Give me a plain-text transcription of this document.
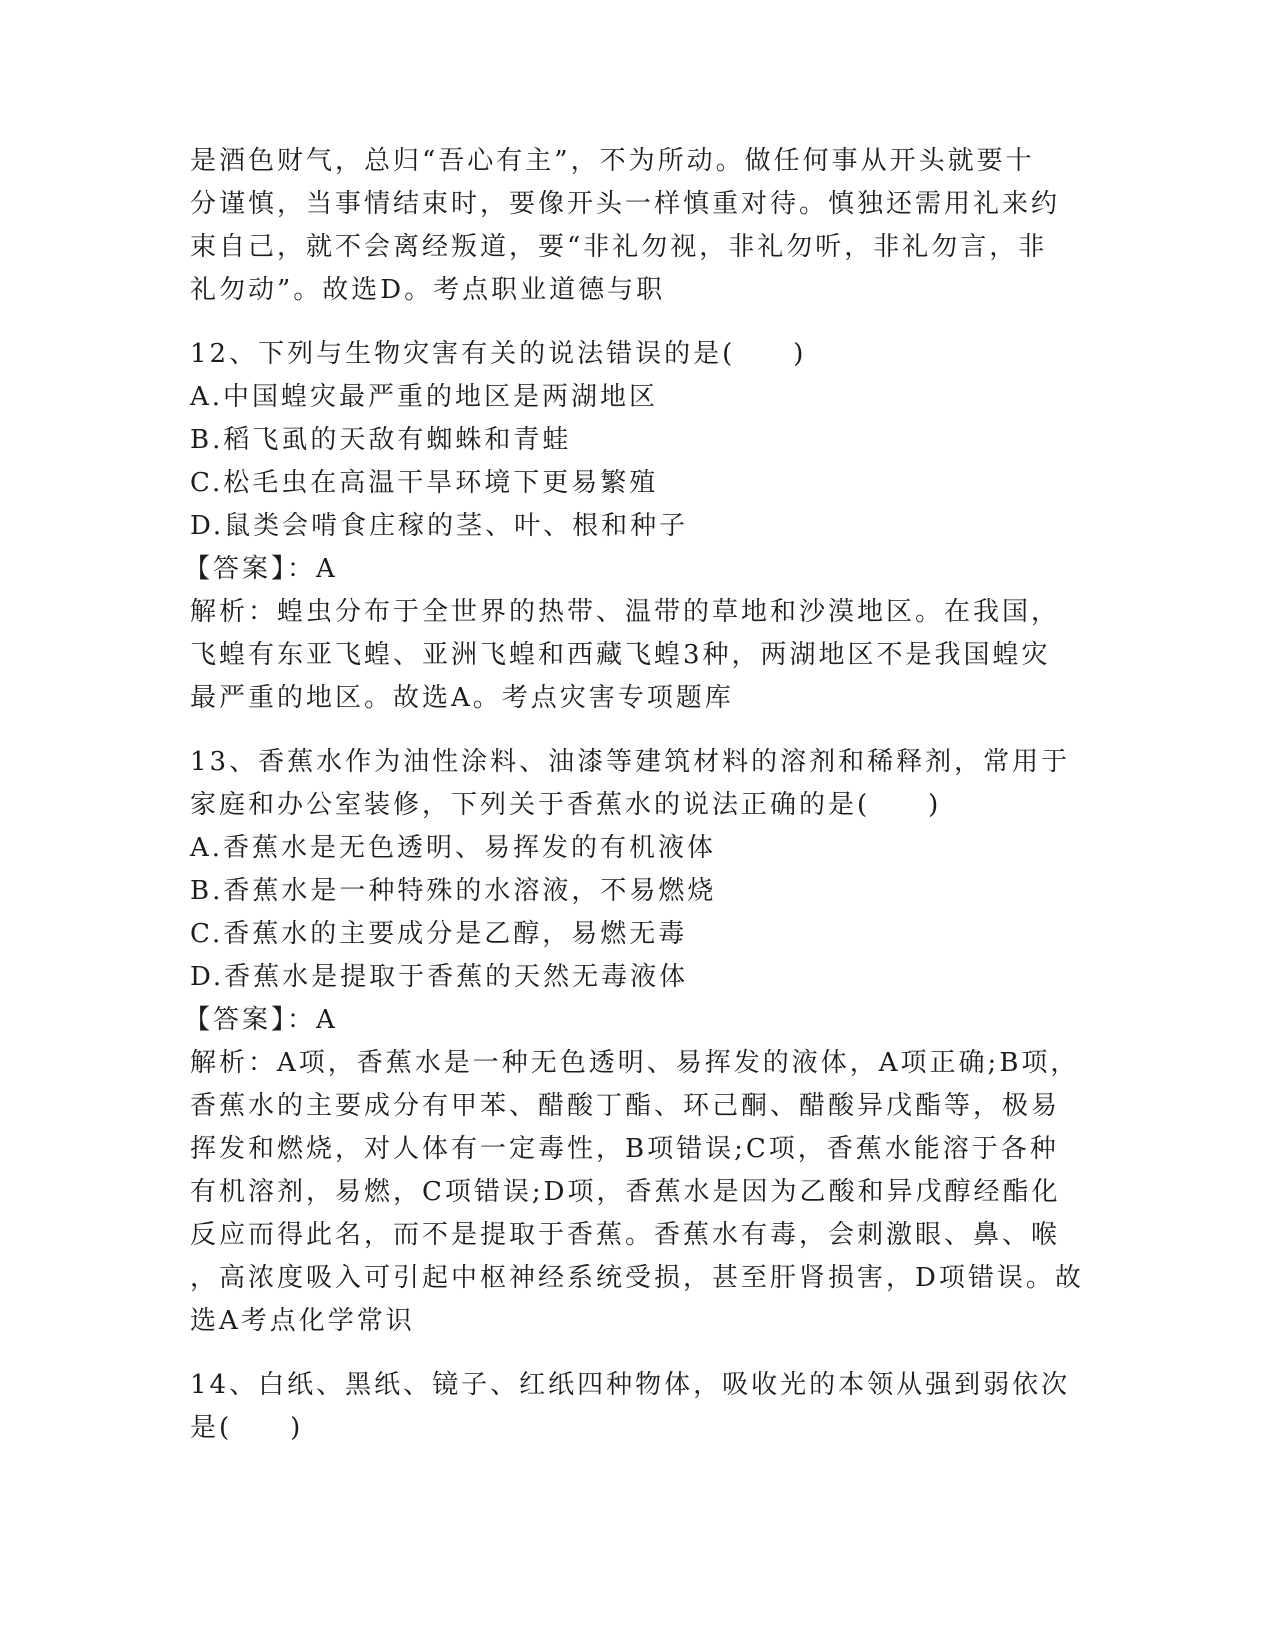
是酒色财气，总归“吾心有主”，不为所动。做任何事从开头就要十
分谨慎，当事情结束时，要像开头一样慎重对待。慎独还需用礼来约
束自己，就不会离经叛道，要“非礼勿视，非礼勿听，非礼勿言，非
礼勿动”。故选D。考点职业道德与职
12、下列与生物灾害有关的说法错误的是(　　)
A.中国蝗灾最严重的地区是两湖地区
B.稻飞虱的天敌有蜘蛛和青蛙
C.松毛虫在高温干旱环境下更易繁殖
D.鼠类会啃食庄稼的茎、叶、根和种子
【答案】：A
解析：蝗虫分布于全世界的热带、温带的草地和沙漠地区。在我国，
飞蝗有东亚飞蝗、亚洲飞蝗和西藏飞蝗3种，两湖地区不是我国蝗灾
最严重的地区。故选A。考点灾害专项题库
13、香蕉水作为油性涂料、油漆等建筑材料的溶剂和稀释剂，常用于
家庭和办公室装修，下列关于香蕉水的说法正确的是(　　)
A.香蕉水是无色透明、易挥发的有机液体
B.香蕉水是一种特殊的水溶液，不易燃烧
C.香蕉水的主要成分是乙醇，易燃无毒
D.香蕉水是提取于香蕉的天然无毒液体
【答案】：A
解析：A项，香蕉水是一种无色透明、易挥发的液体，A项正确;B项，
香蕉水的主要成分有甲苯、醋酸丁酯、环己酮、醋酸异戊酯等，极易
挥发和燃烧，对人体有一定毒性，B项错误;C项，香蕉水能溶于各种
有机溶剂，易燃，C项错误;D项，香蕉水是因为乙酸和异戊醇经酯化
反应而得此名，而不是提取于香蕉。香蕉水有毒，会刺激眼、鼻、喉
，高浓度吸入可引起中枢神经系统受损，甚至肝肾损害，D项错误。故
选A考点化学常识
14、白纸、黑纸、镜子、红纸四种物体，吸收光的本领从强到弱依次
是(　　)
